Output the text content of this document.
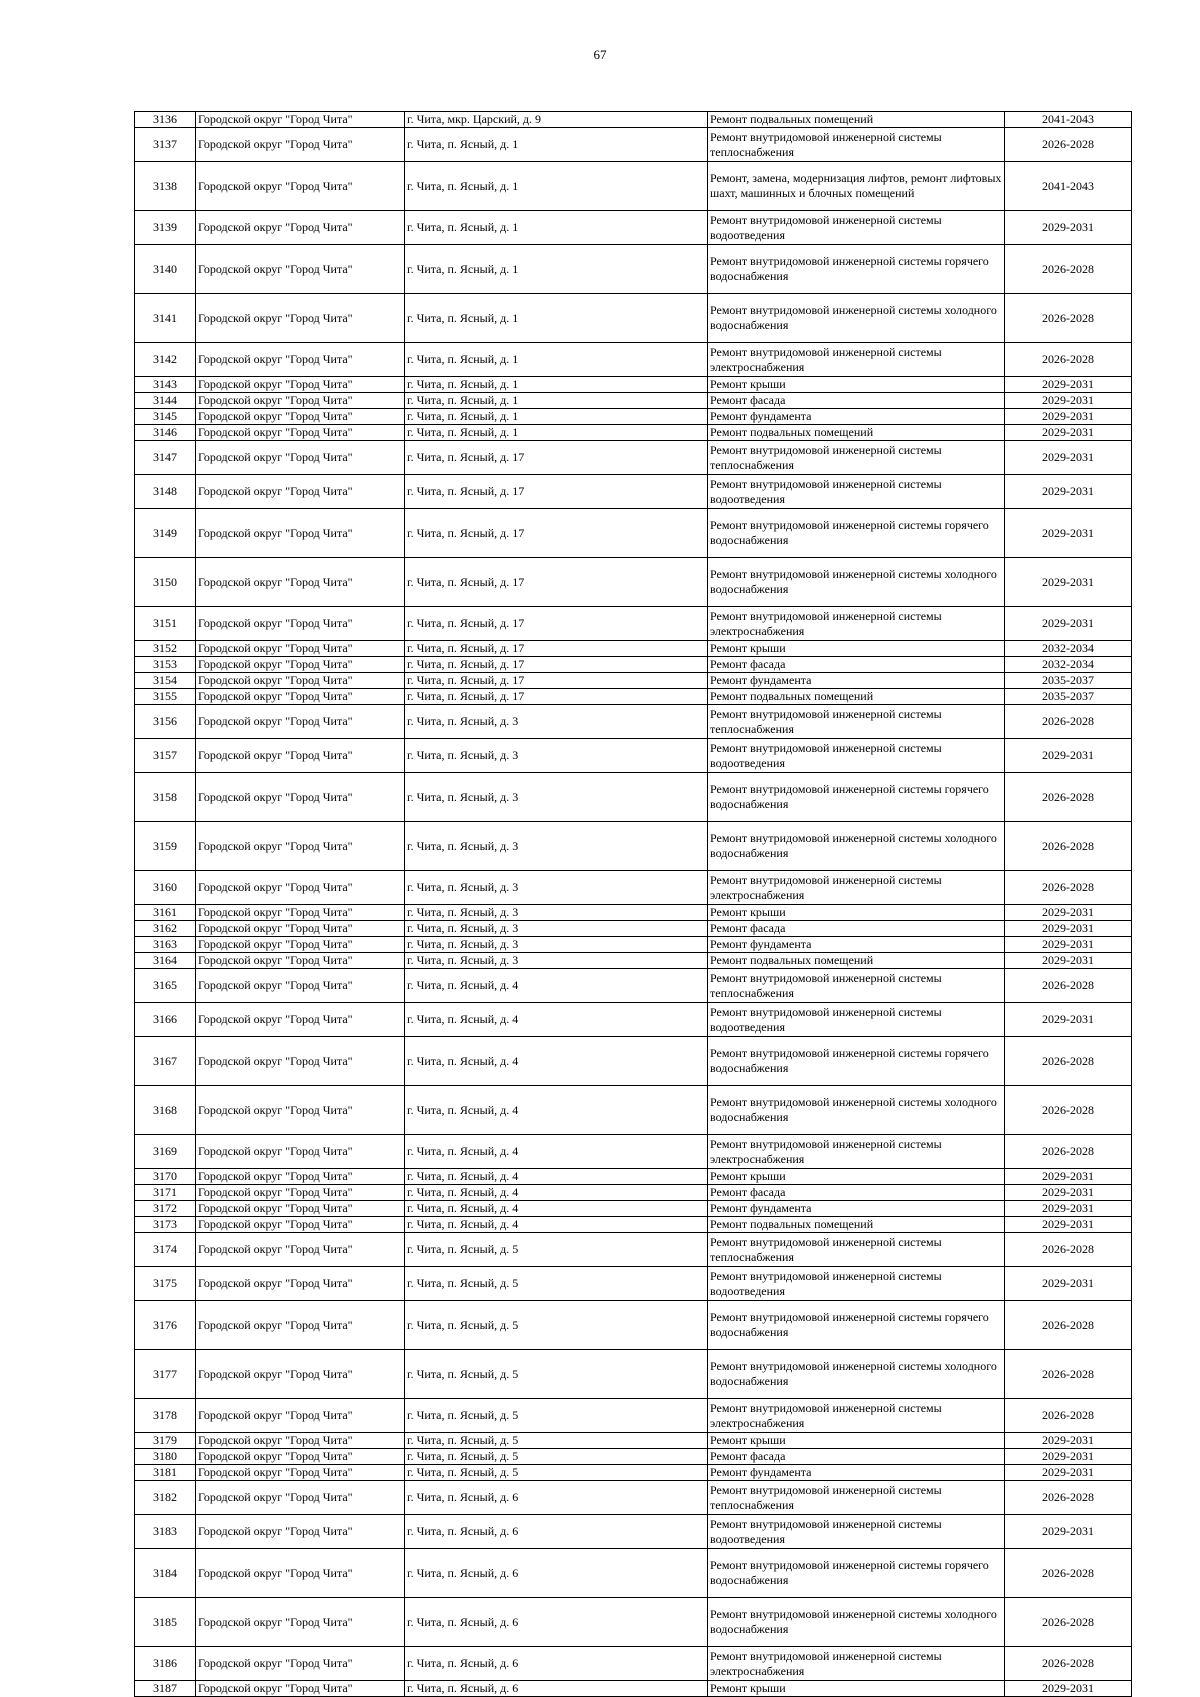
67
3136	Городской округ "Город Чита"	г. Чита, мкр. Царский, д. 9	Ремонт подвальных помещений	2041-2043
3137	Городской округ "Город Чита"	г. Чита, п. Ясный, д. 1	Ремонт внутридомовой инженерной системы теплоснабжения	2026-2028
3138	Городской округ "Город Чита"	г. Чита, п. Ясный, д. 1	Ремонт, замена, модернизация лифтов, ремонт лифтовых шахт, машинных и блочных помещений	2041-2043
3139	Городской округ "Город Чита"	г. Чита, п. Ясный, д. 1	Ремонт внутридомовой инженерной системы водоотведения	2029-2031
3140	Городской округ "Город Чита"	г. Чита, п. Ясный, д. 1	Ремонт внутридомовой инженерной системы горячего водоснабжения	2026-2028
3141	Городской округ "Город Чита"	г. Чита, п. Ясный, д. 1	Ремонт внутридомовой инженерной системы холодного водоснабжения	2026-2028
3142	Городской округ "Город Чита"	г. Чита, п. Ясный, д. 1	Ремонт внутридомовой инженерной системы электроснабжения	2026-2028
3143	Городской округ "Город Чита"	г. Чита, п. Ясный, д. 1	Ремонт крыши	2029-2031
3144	Городской округ "Город Чита"	г. Чита, п. Ясный, д. 1	Ремонт фасада	2029-2031
3145	Городской округ "Город Чита"	г. Чита, п. Ясный, д. 1	Ремонт фундамента	2029-2031
3146	Городской округ "Город Чита"	г. Чита, п. Ясный, д. 1	Ремонт подвальных помещений	2029-2031
3147	Городской округ "Город Чита"	г. Чита, п. Ясный, д. 17	Ремонт внутридомовой инженерной системы теплоснабжения	2029-2031
3148	Городской округ "Город Чита"	г. Чита, п. Ясный, д. 17	Ремонт внутридомовой инженерной системы водоотведения	2029-2031
3149	Городской округ "Город Чита"	г. Чита, п. Ясный, д. 17	Ремонт внутридомовой инженерной системы горячего водоснабжения	2029-2031
3150	Городской округ "Город Чита"	г. Чита, п. Ясный, д. 17	Ремонт внутридомовой инженерной системы холодного водоснабжения	2029-2031
3151	Городской округ "Город Чита"	г. Чита, п. Ясный, д. 17	Ремонт внутридомовой инженерной системы электроснабжения	2029-2031
3152	Городской округ "Город Чита"	г. Чита, п. Ясный, д. 17	Ремонт крыши	2032-2034
3153	Городской округ "Город Чита"	г. Чита, п. Ясный, д. 17	Ремонт фасада	2032-2034
3154	Городской округ "Город Чита"	г. Чита, п. Ясный, д. 17	Ремонт фундамента	2035-2037
3155	Городской округ "Город Чита"	г. Чита, п. Ясный, д. 17	Ремонт подвальных помещений	2035-2037
3156	Городской округ "Город Чита"	г. Чита, п. Ясный, д. 3	Ремонт внутридомовой инженерной системы теплоснабжения	2026-2028
3157	Городской округ "Город Чита"	г. Чита, п. Ясный, д. 3	Ремонт внутридомовой инженерной системы водоотведения	2029-2031
3158	Городской округ "Город Чита"	г. Чита, п. Ясный, д. 3	Ремонт внутридомовой инженерной системы горячего водоснабжения	2026-2028
3159	Городской округ "Город Чита"	г. Чита, п. Ясный, д. 3	Ремонт внутридомовой инженерной системы холодного водоснабжения	2026-2028
3160	Городской округ "Город Чита"	г. Чита, п. Ясный, д. 3	Ремонт внутридомовой инженерной системы электроснабжения	2026-2028
3161	Городской округ "Город Чита"	г. Чита, п. Ясный, д. 3	Ремонт крыши	2029-2031
3162	Городской округ "Город Чита"	г. Чита, п. Ясный, д. 3	Ремонт фасада	2029-2031
3163	Городской округ "Город Чита"	г. Чита, п. Ясный, д. 3	Ремонт фундамента	2029-2031
3164	Городской округ "Город Чита"	г. Чита, п. Ясный, д. 3	Ремонт подвальных помещений	2029-2031
3165	Городской округ "Город Чита"	г. Чита, п. Ясный, д. 4	Ремонт внутридомовой инженерной системы теплоснабжения	2026-2028
3166	Городской округ "Город Чита"	г. Чита, п. Ясный, д. 4	Ремонт внутридомовой инженерной системы водоотведения	2029-2031
3167	Городской округ "Город Чита"	г. Чита, п. Ясный, д. 4	Ремонт внутридомовой инженерной системы горячего водоснабжения	2026-2028
3168	Городской округ "Город Чита"	г. Чита, п. Ясный, д. 4	Ремонт внутридомовой инженерной системы холодного водоснабжения	2026-2028
3169	Городской округ "Город Чита"	г. Чита, п. Ясный, д. 4	Ремонт внутридомовой инженерной системы электроснабжения	2026-2028
3170	Городской округ "Город Чита"	г. Чита, п. Ясный, д. 4	Ремонт крыши	2029-2031
3171	Городской округ "Город Чита"	г. Чита, п. Ясный, д. 4	Ремонт фасада	2029-2031
3172	Городской округ "Город Чита"	г. Чита, п. Ясный, д. 4	Ремонт фундамента	2029-2031
3173	Городской округ "Город Чита"	г. Чита, п. Ясный, д. 4	Ремонт подвальных помещений	2029-2031
3174	Городской округ "Город Чита"	г. Чита, п. Ясный, д. 5	Ремонт внутридомовой инженерной системы теплоснабжения	2026-2028
3175	Городской округ "Город Чита"	г. Чита, п. Ясный, д. 5	Ремонт внутридомовой инженерной системы водоотведения	2029-2031
3176	Городской округ "Город Чита"	г. Чита, п. Ясный, д. 5	Ремонт внутридомовой инженерной системы горячего водоснабжения	2026-2028
3177	Городской округ "Город Чита"	г. Чита, п. Ясный, д. 5	Ремонт внутридомовой инженерной системы холодного водоснабжения	2026-2028
3178	Городской округ "Город Чита"	г. Чита, п. Ясный, д. 5	Ремонт внутридомовой инженерной системы электроснабжения	2026-2028
3179	Городской округ "Город Чита"	г. Чита, п. Ясный, д. 5	Ремонт крыши	2029-2031
3180	Городской округ "Город Чита"	г. Чита, п. Ясный, д. 5	Ремонт фасада	2029-2031
3181	Городской округ "Город Чита"	г. Чита, п. Ясный, д. 5	Ремонт фундамента	2029-2031
3182	Городской округ "Город Чита"	г. Чита, п. Ясный, д. 6	Ремонт внутридомовой инженерной системы теплоснабжения	2026-2028
3183	Городской округ "Город Чита"	г. Чита, п. Ясный, д. 6	Ремонт внутридомовой инженерной системы водоотведения	2029-2031
3184	Городской округ "Город Чита"	г. Чита, п. Ясный, д. 6	Ремонт внутридомовой инженерной системы горячего водоснабжения	2026-2028
3185	Городской округ "Город Чита"	г. Чита, п. Ясный, д. 6	Ремонт внутридомовой инженерной системы холодного водоснабжения	2026-2028
3186	Городской округ "Город Чита"	г. Чита, п. Ясный, д. 6	Ремонт внутридомовой инженерной системы электроснабжения	2026-2028
3187	Городской округ "Город Чита"	г. Чита, п. Ясный, д. 6	Ремонт крыши	2029-2031
